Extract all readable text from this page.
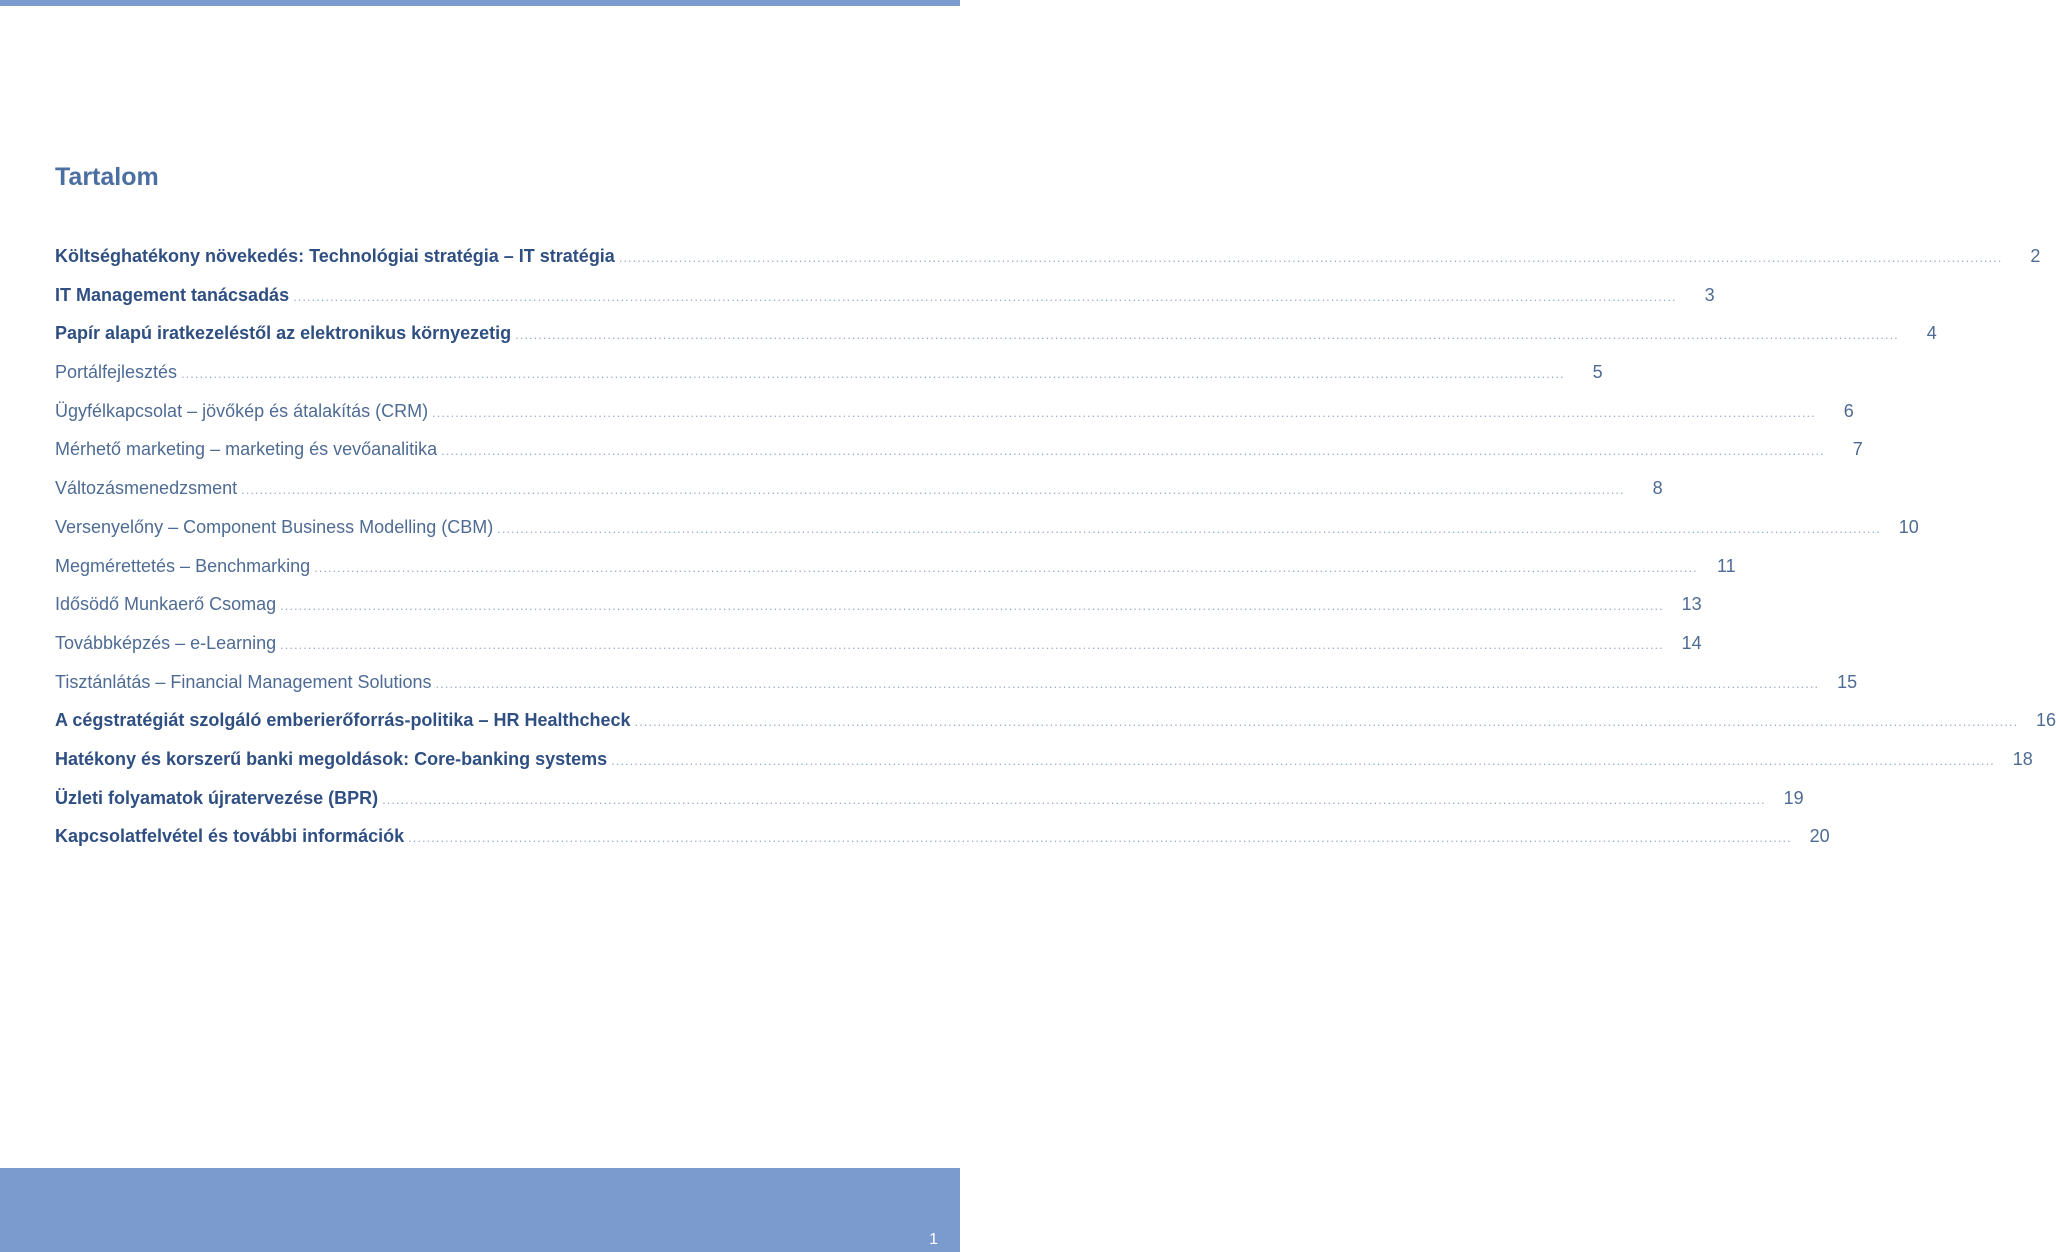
Tartalom
Költséghatékony növekedés: Technológiai stratégia – IT stratégia ............................................................................................................................................................................................................................................................................................................	2
IT Management tanácsadás ............................................................................................................................................................................................................................................................................................................	3
Papír alapú iratkezeléstől az elektronikus környezetig ............................................................................................................................................................................................................................................................................................................	4
Portálfejlesztés ............................................................................................................................................................................................................................................................................................................	5
Ügyfélkapcsolat – jövőkép és átalakítás (CRM) ............................................................................................................................................................................................................................................................................................................	6
Mérhető marketing – marketing és vevőanalitika ............................................................................................................................................................................................................................................................................................................	7
Változásmenedzsment ............................................................................................................................................................................................................................................................................................................	8
Versenyelőny – Component Business Modelling (CBM) ............................................................................................................................................................................................................................................................................................................ 10
Megmérettetés – Benchmarking ............................................................................................................................................................................................................................................................................................................	11
Idősödő Munkaerő Csomag ............................................................................................................................................................................................................................................................................................................ 13
Továbbképzés – e-Learning ............................................................................................................................................................................................................................................................................................................ 14
Tisztánlátás – Financial Management Solutions ............................................................................................................................................................................................................................................................................................................ 15
A cégstratégiát szolgáló emberierőforrás-politika – HR Healthcheck ............................................................................................................................................................................................................................................................................................................ 16
Hatékony és korszerű banki megoldások: Core-banking systems ............................................................................................................................................................................................................................................................................................................ 18
Üzleti folyamatok újratervezése (BPR) ............................................................................................................................................................................................................................................................................................................ 19
Kapcsolatfelvétel és további információk ............................................................................................................................................................................................................................................................................................................ 20
1
